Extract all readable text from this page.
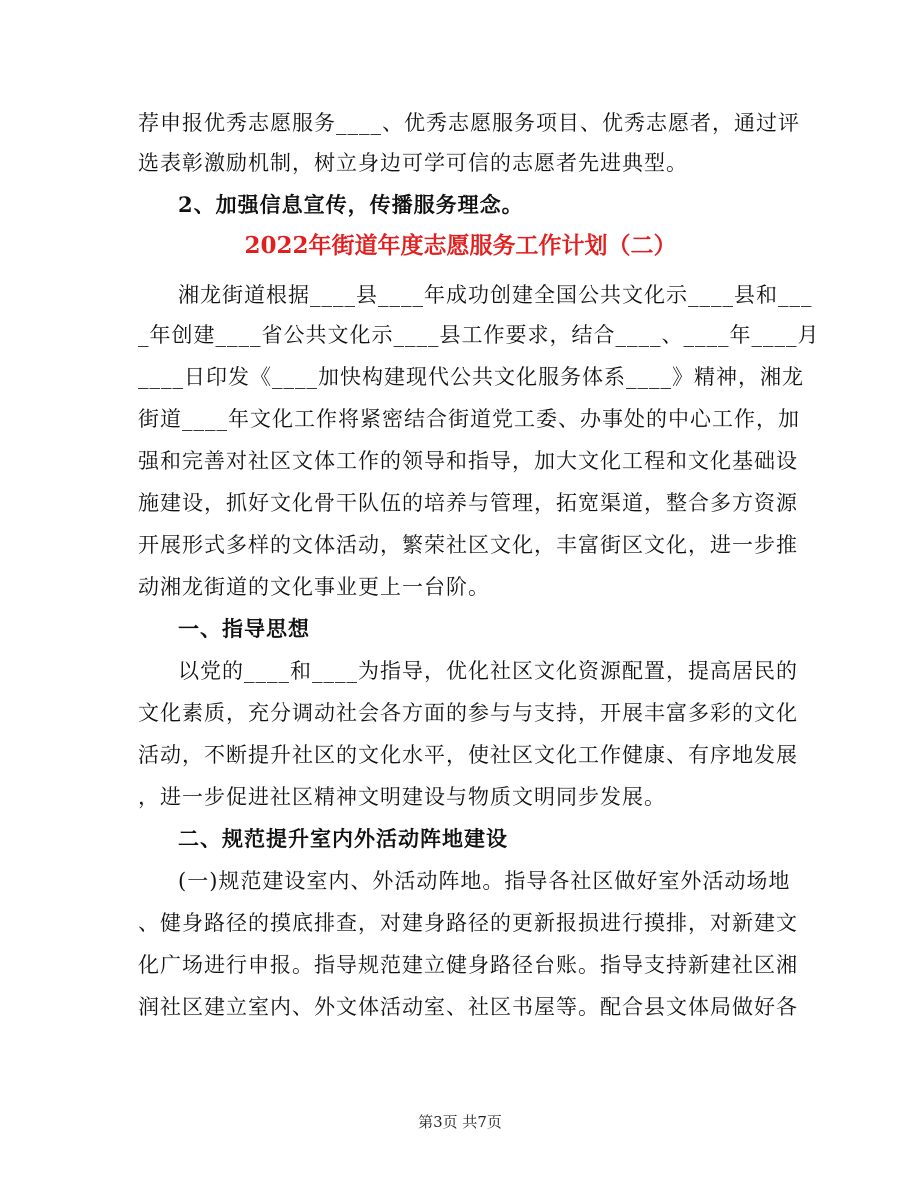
荐申报优秀志愿服务____、优秀志愿服务项目、优秀志愿者，通过评
选表彰激励机制，树立身边可学可信的志愿者先进典型。
2、加强信息宣传，传播服务理念。
2022年街道年度志愿服务工作计划（二）
湘龙街道根据____县____年成功创建全国公共文化示____县和___
_年创建____省公共文化示____县工作要求，结合____、____年____月
____日印发《____加快构建现代公共文化服务体系____》精神，湘龙
街道____年文化工作将紧密结合街道党工委、办事处的中心工作，加
强和完善对社区文体工作的领导和指导，加大文化工程和文化基础设
施建设，抓好文化骨干队伍的培养与管理，拓宽渠道，整合多方资源
开展形式多样的文体活动，繁荣社区文化，丰富街区文化，进一步推
动湘龙街道的文化事业更上一台阶。
一、指导思想
以党的____和____为指导，优化社区文化资源配置，提高居民的
文化素质，充分调动社会各方面的参与与支持，开展丰富多彩的文化
活动，不断提升社区的文化水平，使社区文化工作健康、有序地发展
，进一步促进社区精神文明建设与物质文明同步发展。
二、规范提升室内外活动阵地建设
(一)规范建设室内、外活动阵地。指导各社区做好室外活动场地
、健身路径的摸底排查，对建身路径的更新报损进行摸排，对新建文
化广场进行申报。指导规范建立健身路径台账。指导支持新建社区湘
润社区建立室内、外文体活动室、社区书屋等。配合县文体局做好各
第3页 共7页
